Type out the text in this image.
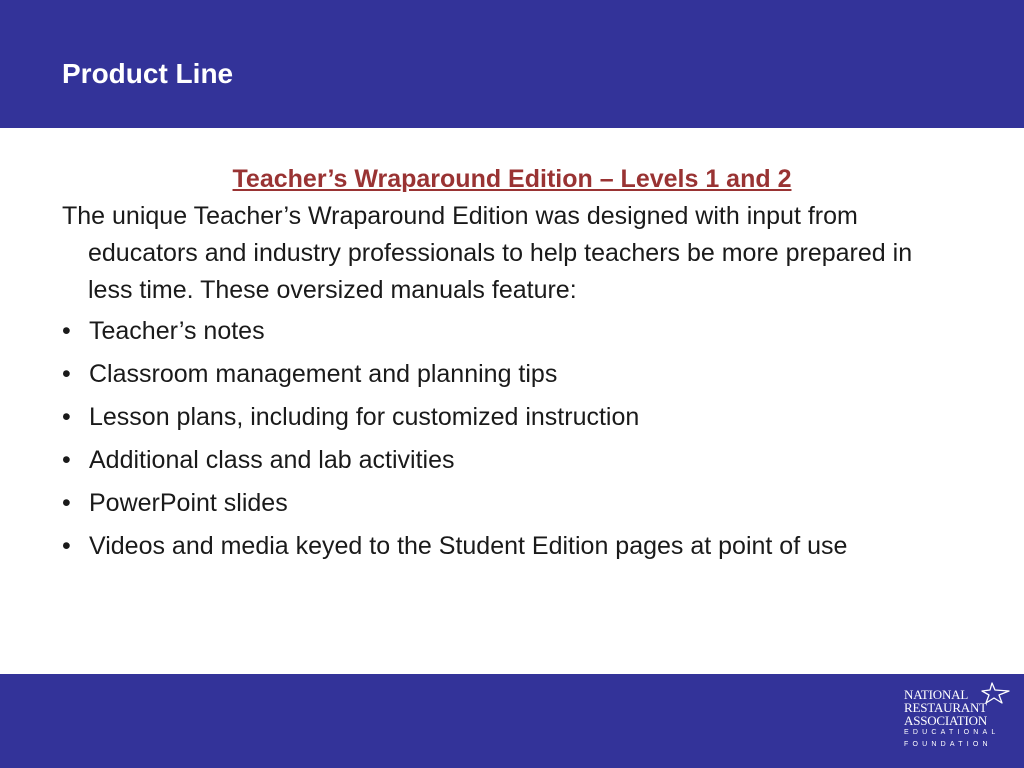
Product Line

Teacher’s Wraparound Edition – Levels 1 and 2

The unique Teacher’s Wraparound Edition was designed with input from educators and industry professionals to help teachers be more prepared in less time. These oversized manuals feature:

• Teacher’s notes
• Classroom management and planning tips
• Lesson plans, including for customized instruction
• Additional class and lab activities
• PowerPoint slides
• Videos and media keyed to the Student Edition pages at point of use
NATIONAL
RESTAURANT
ASSOCIATION
EDUCATIONAL
FOUNDATION
